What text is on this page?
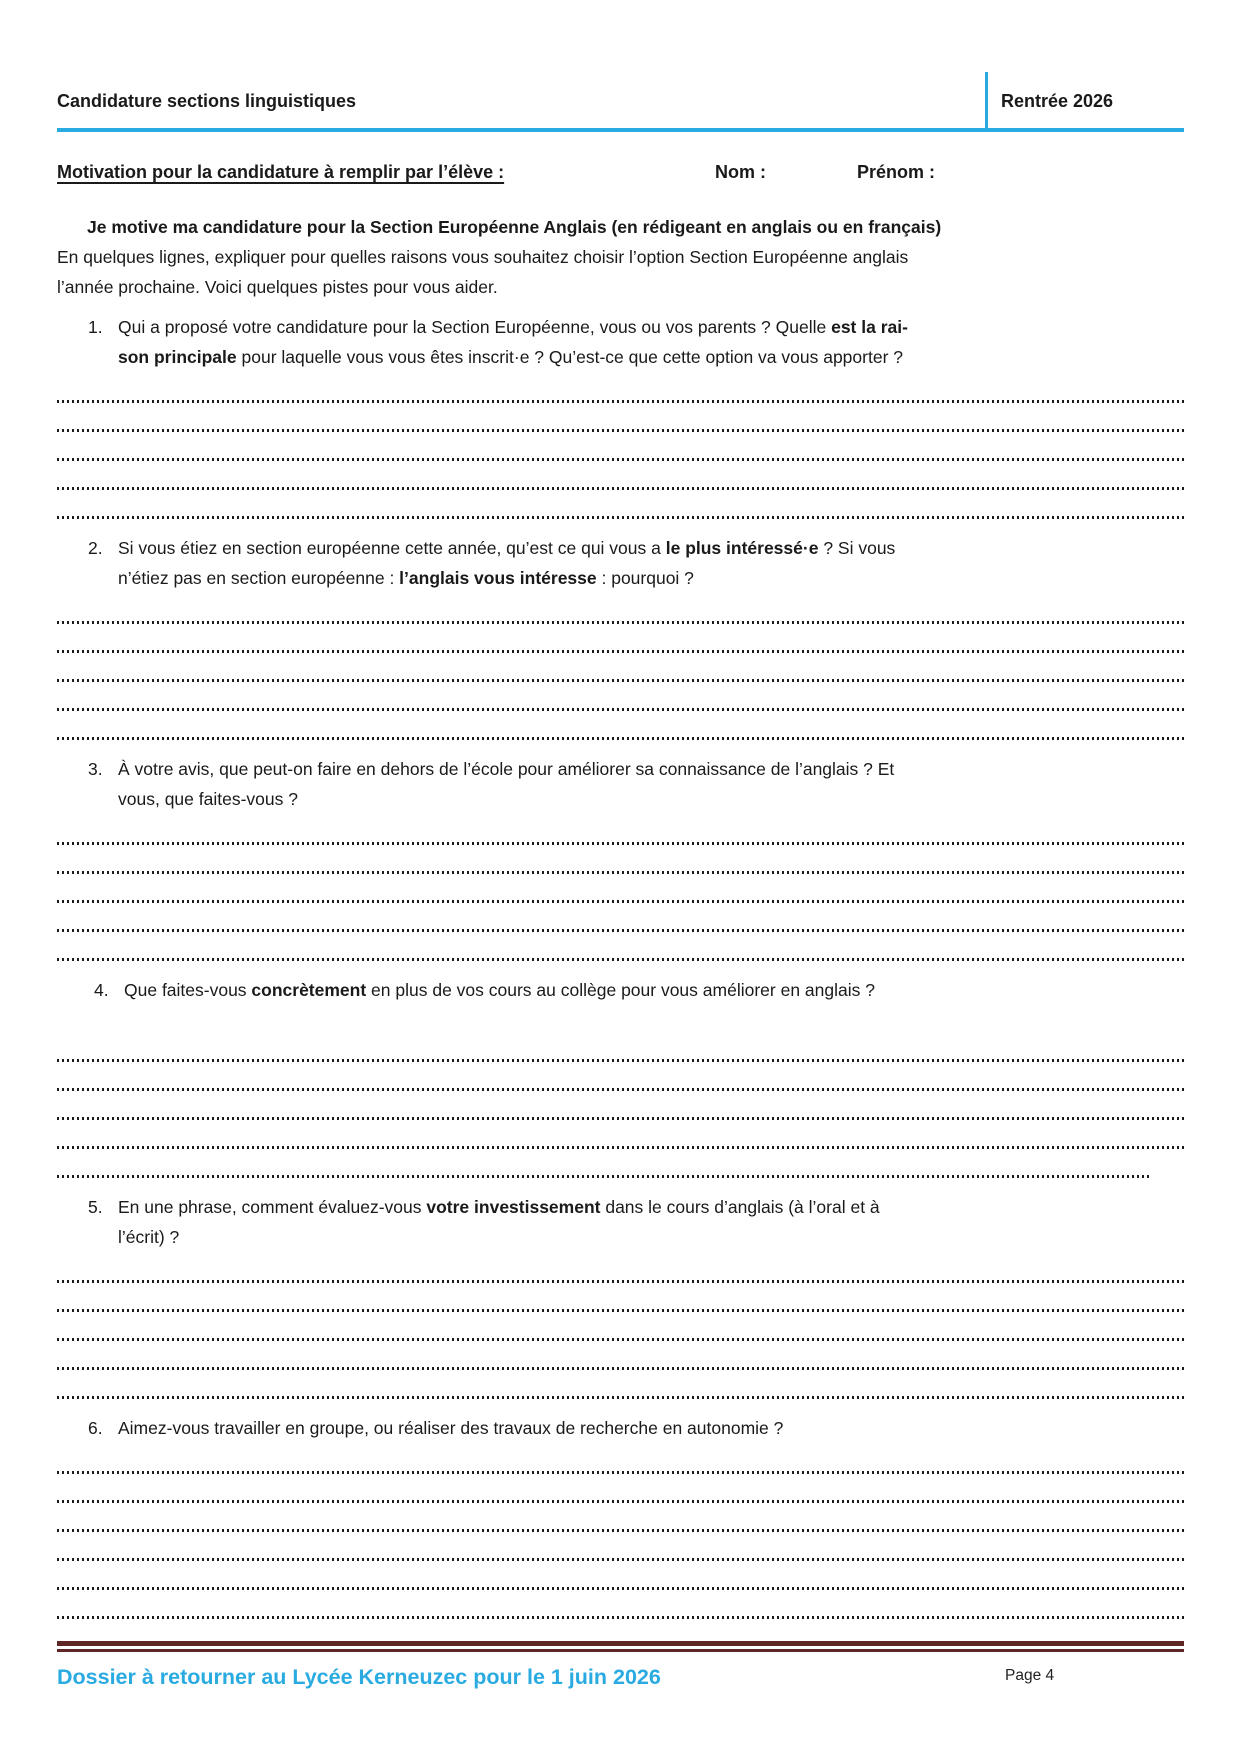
Candidature sections linguistiques	Rentrée 2026
Motivation pour la candidature à remplir par l’élève :	Nom :	Prénom :

Je motive ma candidature pour la Section Européenne Anglais (en rédigeant en anglais ou en français)

En quelques lignes, expliquer pour quelles raisons vous souhaitez choisir l’option Section Européenne anglais
l’année prochaine. Voici quelques pistes pour vous aider.
1. Qui a proposé votre candidature pour la Section Européenne, vous ou vos parents ? Quelle est la rai-
son principale pour laquelle vous vous êtes inscrit·e ? Qu’est-ce que cette option va vous apporter ?
2. Si vous étiez en section européenne cette année, qu’est ce qui vous a le plus intéressé·e ? Si vous
n’étiez pas en section européenne : l’anglais vous intéresse : pourquoi ?
3. À votre avis, que peut-on faire en dehors de l’école pour améliorer sa connaissance de l’anglais ? Et
vous, que faites-vous ?
4. Que faites-vous concrètement en plus de vos cours au collège pour vous améliorer en anglais ?
5. En une phrase, comment évaluez-vous votre investissement dans le cours d’anglais (à l’oral et à
l’écrit) ?
6. Aimez-vous travailler en groupe, ou réaliser des travaux de recherche en autonomie ?
Dossier à retourner au Lycée Kerneuzec pour le 1 juin 2026	Page 4
